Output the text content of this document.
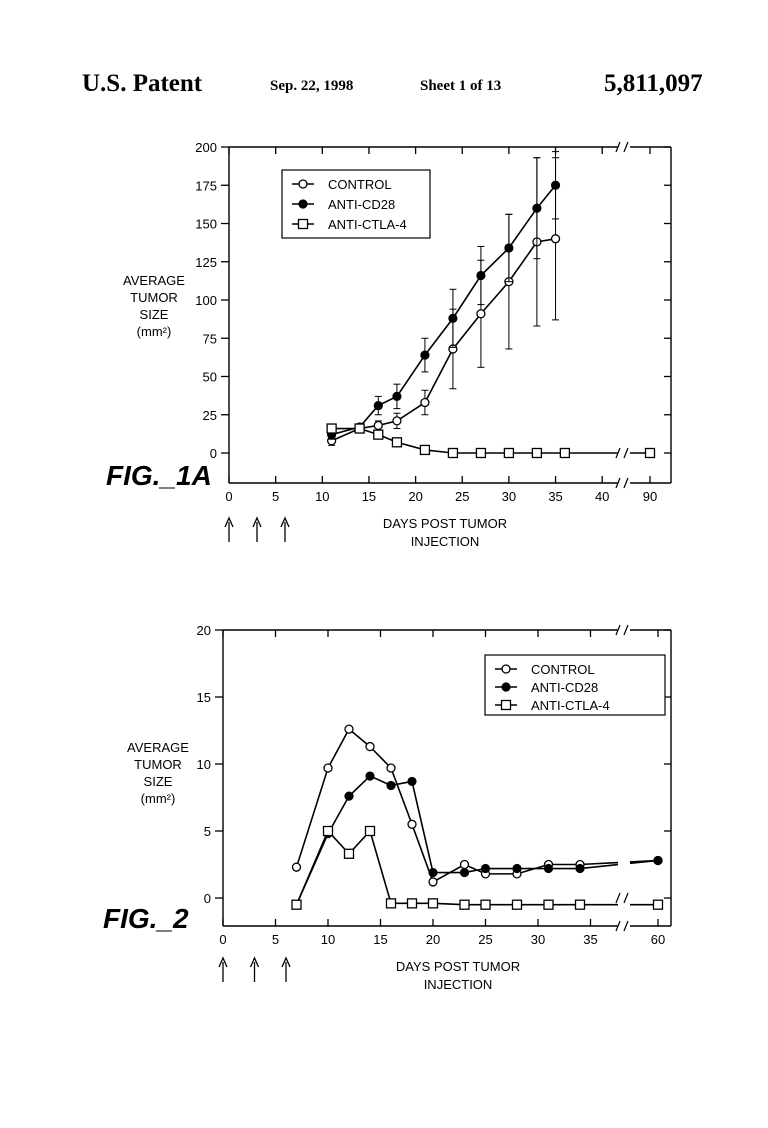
U.S. Patent	Sep. 22, 1998	Sheet 1 of 13	5,811,097
0
25
50
75
100
125
150
175
200
0	5	10 15 20 25 30 35 40	90
AVERAGE
TUMOR
SIZE
(mm²)
DAYS POST TUMOR
INJECTION
FIG._1A
CONTROL
ANTI-CD28
ANTI-CTLA-4
0
5
10
15
20
0	5	10	15	20	25	30	35	60
AVERAGE
TUMOR
SIZE
(mm²)
DAYS POST TUMOR
INJECTION
FIG._2
CONTROL
ANTI-CD28
ANTI-CTLA-4
